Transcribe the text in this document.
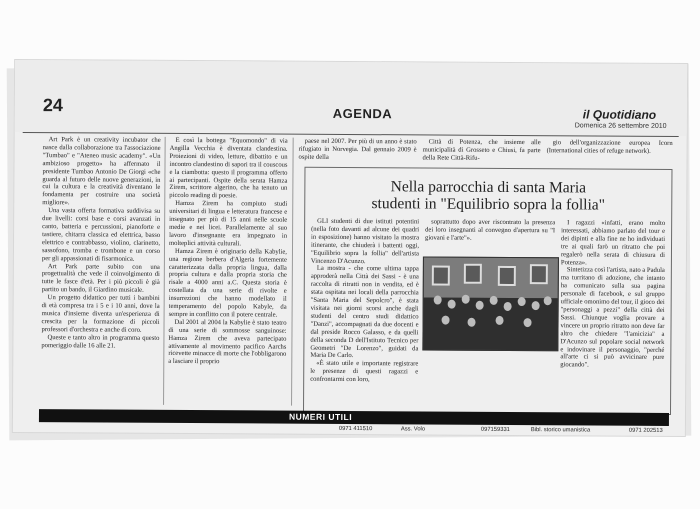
24	AGENDA	il Quotidiano
Domenica 26 settembre 2010

Art Park è un creativity incubator che nasce dalla collaborazione tra l'associazione "Tumbao" e "Ateneo music academy". «Un ambizioso progetto» ha affermato il presidente Tumbao Antonio De Giorgi «che guarda al futuro delle nuove generazioni, in cui la cultura e la creatività diventano le fondamenta per costruire una società migliore».

Una vasta offerta formativa suddivisa su due livelli: corsi base e corsi avanzati in canto, batteria e percussioni, pianoforte e tastiere, chitarra classica ed elettrica, basso elettrico e contrabbasso, violino, clarinetto, sassofono, tromba e trombone e un corso per gli appassionati di fisarmonica.

Art Park parte subito con una progettualità che vede il coinvolgimento di tutte le fasce d'età. Per i più piccoli è già partito un bando, il Giardino musicale.

Un progetto didattico per tutti i bambini di età compresa tra i 5 e i 10 anni, dove la musica d'insieme diventa un'esperienza di crescita per la formazione di piccoli professori d'orchestra e anche di coro.

Queste e tanto altro in programma questo pomeriggio dalle 16 alle 21.

È così la bottega "Equomondo" di via Angilla Vecchia è diventata clandestina. Proiezioni di video, letture, dibattito e un incontro clandestino di sapori tra il couscous e la ciambotta: questo il programma offerto ai partecipanti. Ospite della serata Hamza Zirem, scrittore algerino, che ha tenuto un piccolo reading di poesie.

Hamza Zirem ha compiuto studi universitari di lingua e letteratura francese e insegnato per più di 15 anni nelle scuole medie e nei licei. Parallelamente al suo lavoro d'insegnante era impegnato in molteplici attività culturali.

Hamza Zirem è originario della Kabylie, una regione berbera d'Algeria fortemente caratterizzata dalla propria lingua, dalla propria cultura e dalla propria storia che risale a 4000 anni a.C. Questa storia è costellata da una serie di rivolte e insurrezioni che hanno modellato il temperamento del popolo Kabyle, da sempre in conflitto con il potere centrale.

Dal 2001 al 2004 la Kabylie è stato teatro di una serie di sommosse sanguinose: Hamza Zirem che aveva partecipato attivamente al movimento pacifico Aarchs ricevette minacce di morte che l'obbligarono a lasciare il proprio

paese nel 2007. Per più di un anno è stato rifugiato in Norvegia. Dal gennaio 2009 è ospite della

Città di Potenza, che insieme alle municipalità di Grosseto e Chiusi, fa parte della Rete Città-Rifu-

gio dell'organizzazione europea Icorn (International cities of refuge network).

Nella parrocchia di santa Maria
studenti in "Equilibrio sopra la follia"

GLI studenti di due istituti potentini (nella foto davanti ad alcune dei quadri in esposizione) hanno visitato la mostra itinerante, che chiuderà i battenti oggi, "Equilibrio sopra la follia" dell'artista Vincenzo D'Acunzo.

La mostra - che come ultima tappa approderà nella Città dei Sassi - è una raccolta di ritratti non in vendita, ed è stata ospitata nei locali della parrocchia "Santa Maria del Sepolcro", è stata visitata nei giorni scorsi anche dagli studenti del centro studi didattico "Danzi", accompagnati da due docenti e dal preside Rocco Galasso, e da quelli della seconda D dell'Istituto Tecnico per Geometri "De Lorenzo", guidati da Maria De Carlo.

«È stato utile e importante registrare le presenze di questi ragazzi e confrontarmi con loro,

soprattutto dopo aver riscontrato la presenza dei loro insegnanti al convegno d'apertura su "I giovani e l'arte"».

I ragazzi «infatti, erano molto interessati, abbiamo parlato del tour e dei dipinti e alla fine ne ho individuati tre ai quali farò un ritratto che poi regalerò nella serata di chiusura di Potenza».

Sintetizza così l'artista, nato a Padula ma turritano di adozione, che intanto ha comunicato sulla sua pagina personale di facebook, e sul gruppo ufficiale omonimo del tour, il gioco dei "personaggi a pezzi" della città dei Sassi. Chiunque voglia provare a vincere un proprio ritratto non deve far altro che chiedere "l'amicizia" a D'Acunzo sul popolare social network e indovinare il personaggio, "perché all'arte ci si può avvicinare pure giocando".

NUMERI UTILI
0971 411510	Ass. Volo	097159331	Bibl. storico umanistica	0971 202513
